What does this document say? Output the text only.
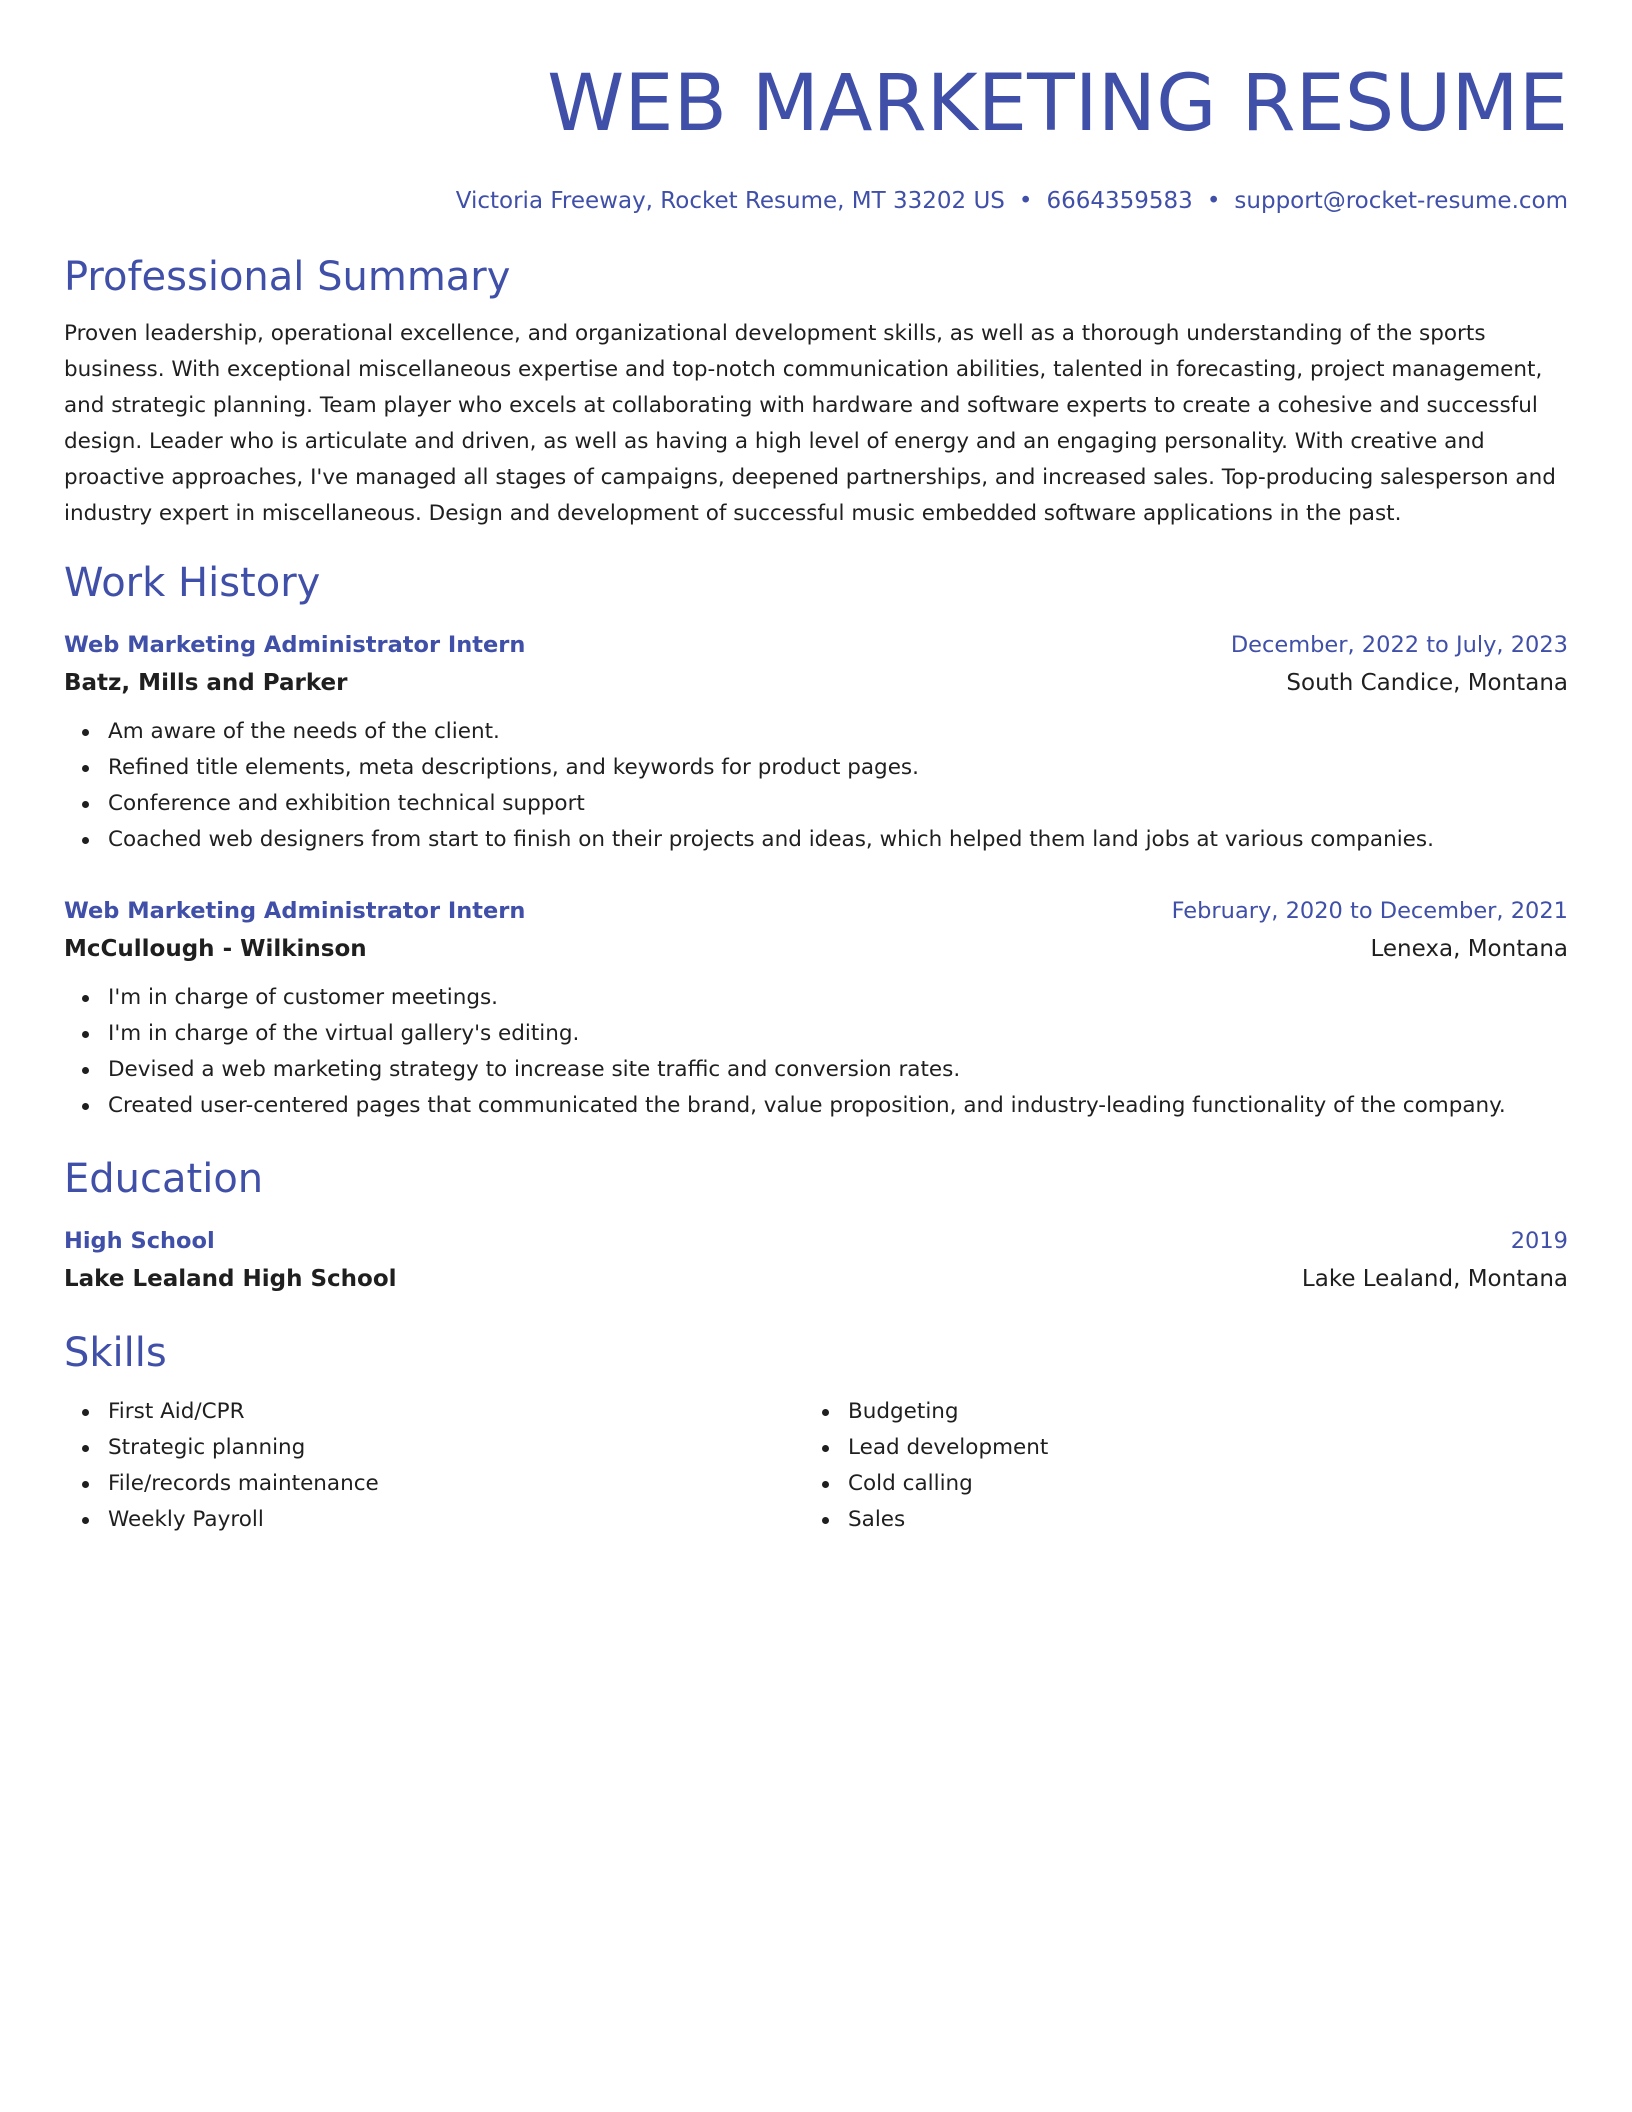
WEB MARKETING RESUME
Victoria Freeway, Rocket Resume, MT 33202 US • 6664359583 • support@rocket-resume.com
Professional Summary
Proven leadership, operational excellence, and organizational development skills, as well as a thorough understanding of the sports business. With exceptional miscellaneous expertise and top-notch communication abilities, talented in forecasting, project management, and strategic planning. Team player who excels at collaborating with hardware and software experts to create a cohesive and successful design. Leader who is articulate and driven, as well as having a high level of energy and an engaging personality. With creative and proactive approaches, I've managed all stages of campaigns, deepened partnerships, and increased sales. Top-producing salesperson and industry expert in miscellaneous. Design and development of successful music embedded software applications in the past.
Work History
Web Marketing Administrator Intern	December, 2022 to July, 2023
Batz, Mills and Parker	South Candice, Montana
Am aware of the needs of the client.
Refined title elements, meta descriptions, and keywords for product pages.
Conference and exhibition technical support
Coached web designers from start to finish on their projects and ideas, which helped them land jobs at various companies.
Web Marketing Administrator Intern	February, 2020 to December, 2021
McCullough - Wilkinson	Lenexa, Montana
I'm in charge of customer meetings.
I'm in charge of the virtual gallery's editing.
Devised a web marketing strategy to increase site traffic and conversion rates.
Created user-centered pages that communicated the brand, value proposition, and industry-leading functionality of the company.
Education
High School	2019
Lake Lealand High School	Lake Lealand, Montana
Skills
First Aid/CPR
Strategic planning
File/records maintenance
Weekly Payroll
Budgeting
Lead development
Cold calling
Sales
